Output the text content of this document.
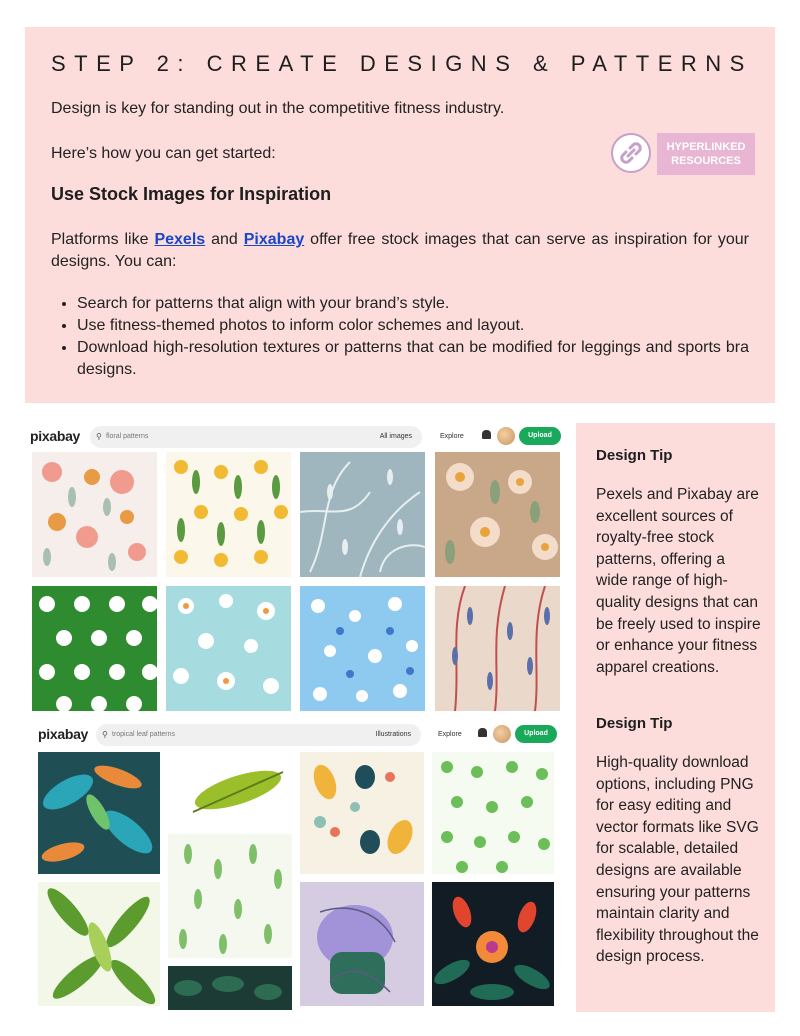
STEP 2: CREATE DESIGNS & PATTERNS
Design is key for standing out in the competitive fitness industry.
Here’s how you can get started:	HYPERLINKED
RESOURCES
Use Stock Images for Inspiration
Platforms like Pexels and Pixabay offer free stock images that can serve as inspiration for your designs. You can:
• Search for patterns that align with your brand’s style.
• Use fitness-themed photos to inform color schemes and layout.
• Download high-resolution textures or patterns that can be modified for leggings and sports bra designs.
pixabay ⚲ floral patterns	All images	Explore	Upload
pixabay ⚲ tropical leaf patterns	Illustrations	Explore	Upload
Design Tip
Pexels and Pixabay are excellent sources of royalty-free stock patterns, offering a wide range of high-quality designs that can be freely used to inspire or enhance your fitness apparel creations.
Design Tip
High-quality download options, including PNG for easy editing and vector formats like SVG for scalable, detailed designs are available ensuring your patterns maintain clarity and flexibility throughout the design process.
